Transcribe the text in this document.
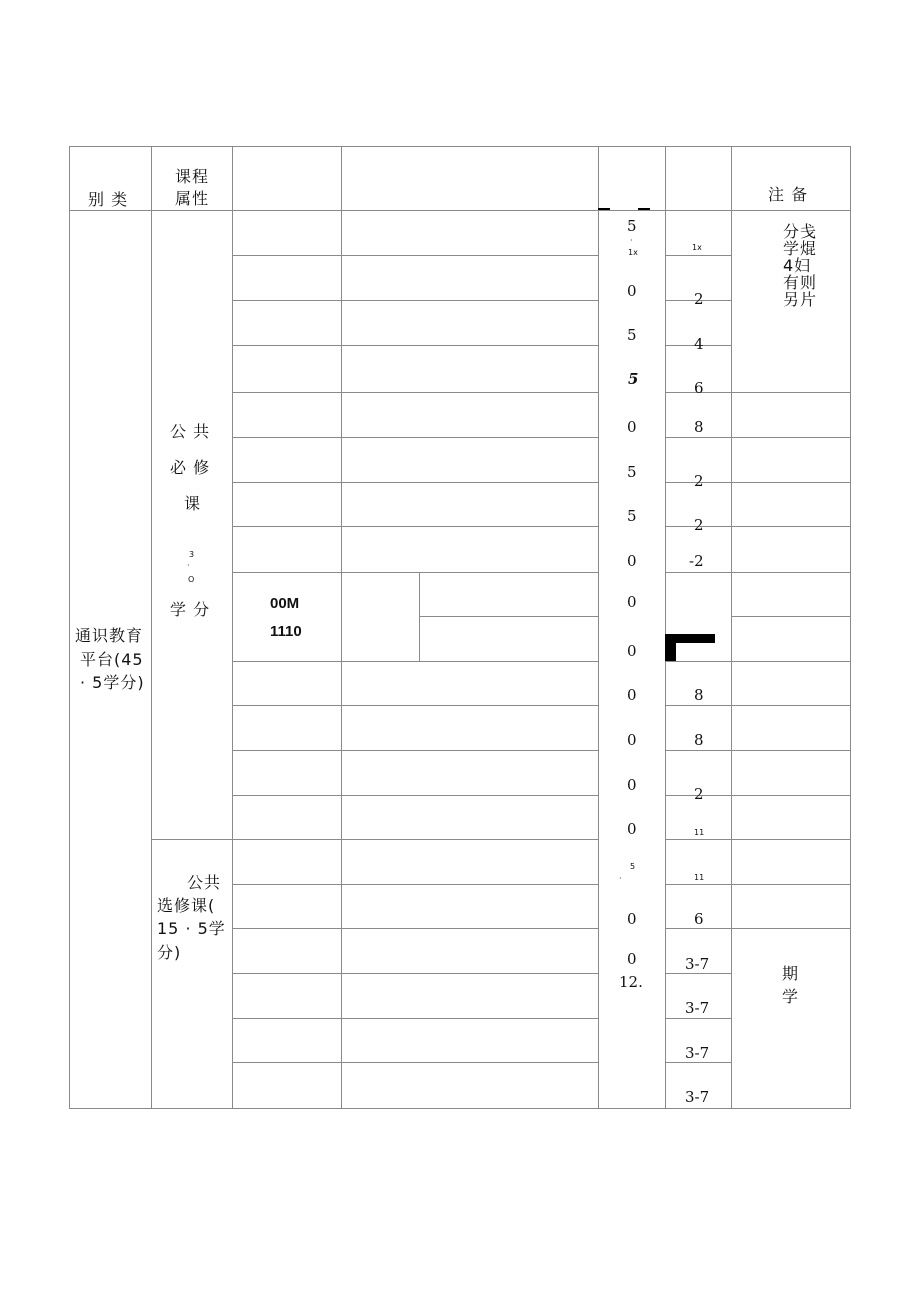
别 类
课程
属性	注 备
通识教育
平台(45
· 5学分)
公 共
必 修
课
3
·
O
学 分
公共
选修课(
15 · 5学
分)
00M
1110
5
·
1x
0
5
5
0
5
5
0
0
0
0
0
0
0
5
·
0
0
12.
1x
2
4
6
8
2
2
-2
8
8
2
11
11
6
3-7
3-7
3-7
3-7
分戋
学焜
4妇
有则
另片
期
学
